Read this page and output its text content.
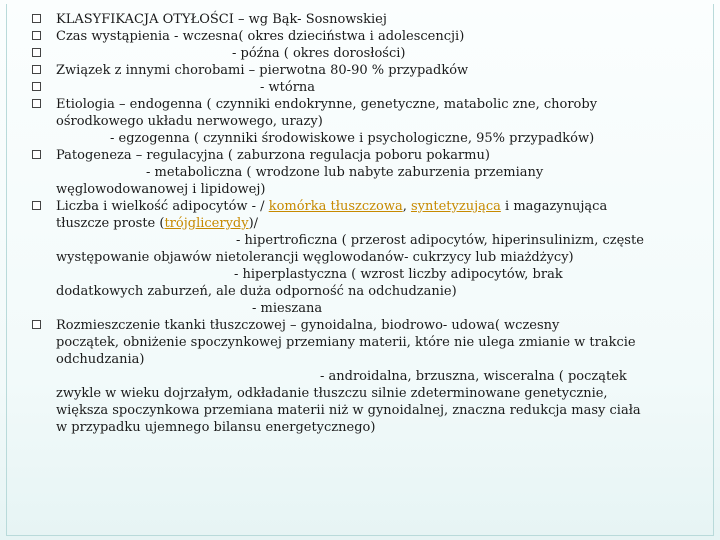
KLASYFIKACJA OTYŁOŚCI – wg Bąk- Sosnowskiej
Czas wystąpienia - wczesna( okres dzieciństwa i adolescencji)
- późna ( okres dorosłości)
Związek z innymi chorobami – pierwotna 80-90 % przypadków
- wtórna
Etiologia – endogenna ( czynniki endokrynne, genetyczne, matabolic zne, choroby
ośrodkowego układu nerwowego, urazy)
- egzogenna ( czynniki środowiskowe i psychologiczne, 95% przypadków)
Patogeneza – regulacyjna ( zaburzona regulacja poboru pokarmu)
- metaboliczna ( wrodzone lub nabyte zaburzenia przemiany
węglowodowanowej i lipidowej)
Liczba i wielkość adipocytów - / komórka tłuszczowa, syntetyzująca i magazynująca
tłuszcze proste (trójglicerydy)/
- hipertroficzna ( przerost adipocytów, hiperinsulinizm, częste
występowanie objawów nietolerancji węglowodanów- cukrzycy lub miażdżycy)
- hiperplastyczna ( wzrost liczby adipocytów, brak
dodatkowych zaburzeń, ale duża odporność na odchudzanie)
- mieszana
Rozmieszczenie tkanki tłuszczowej – gynoidalna, biodrowo- udowa( wczesny
początek, obniżenie spoczynkowej przemiany materii, które nie ulega zmianie w trakcie
odchudzania)
- androidalna, brzuszna, wisceralna ( początek
zwykle w wieku dojrzałym, odkładanie tłuszczu silnie zdeterminowane genetycznie,
większa spoczynkowa przemiana materii niż w gynoidalnej, znaczna redukcja masy ciała
w przypadku ujemnego bilansu energetycznego)
